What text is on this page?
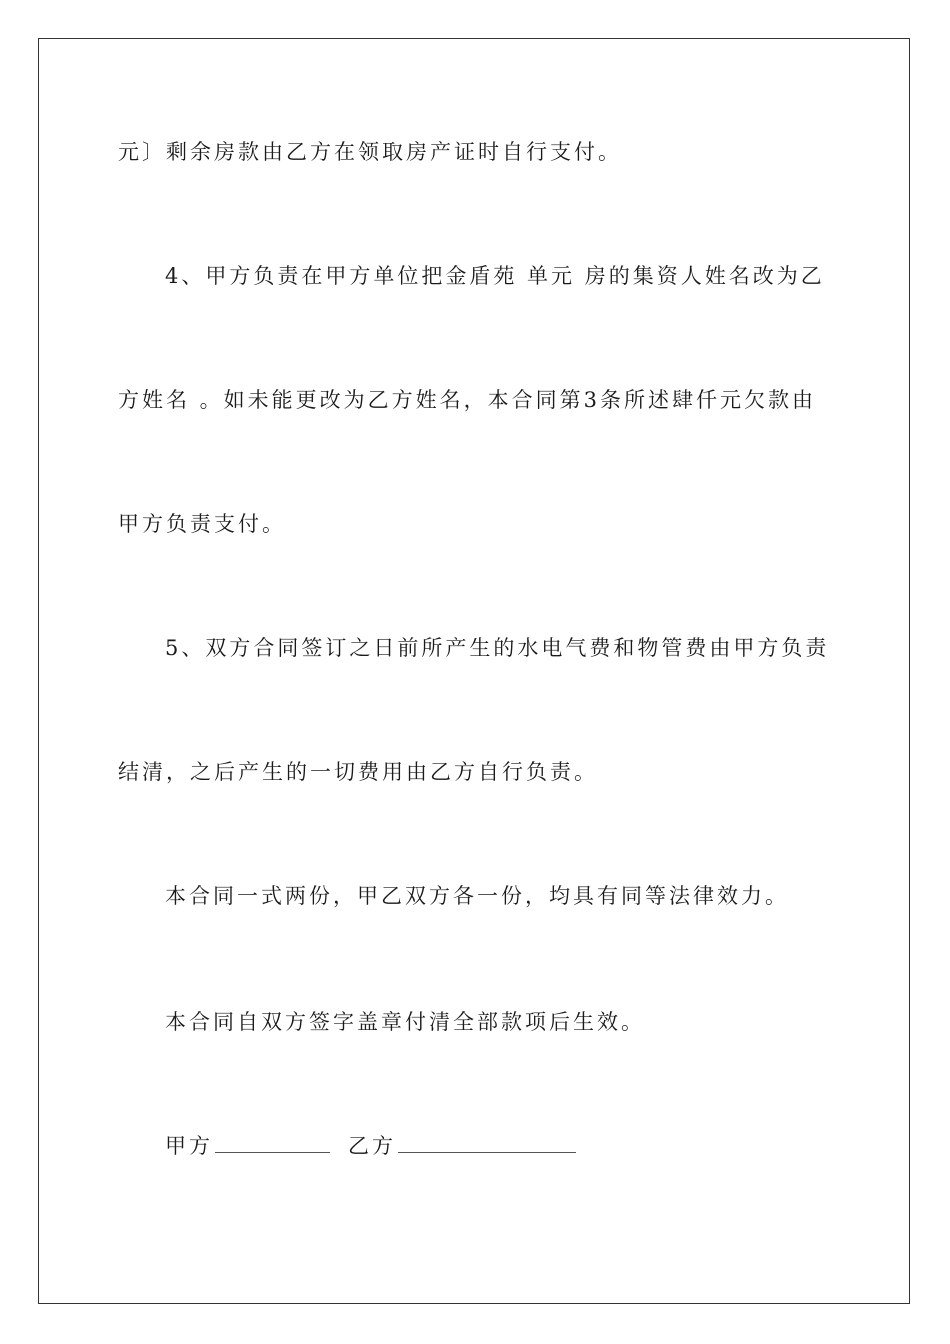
元〕剩余房款由乙方在领取房产证时自行支付。
4、甲方负责在甲方单位把金盾苑 单元 房的集资人姓名改为乙
方姓名 。如未能更改为乙方姓名，本合同第3条所述肆仟元欠款由
甲方负责支付。
5、双方合同签订之日前所产生的水电气费和物管费由甲方负责
结清，之后产生的一切费用由乙方自行负责。
本合同一式两份，甲乙双方各一份，均具有同等法律效力。
本合同自双方签字盖章付清全部款项后生效。
甲方	乙方
